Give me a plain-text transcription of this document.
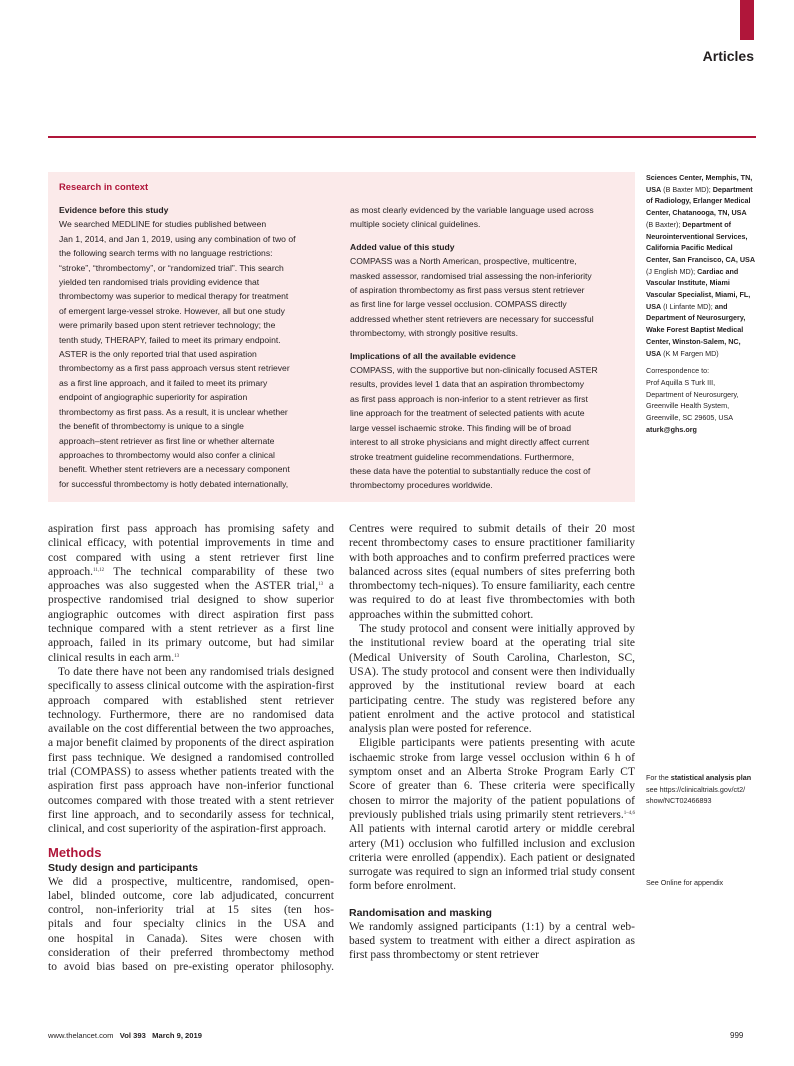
Articles
Research in context

Evidence before this study

We searched MEDLINE for studies published between

Jan 1, 2014, and Jan 1, 2019, using any combination of two of

the following search terms with no language restrictions:

“stroke”, “thrombectomy”, or “randomized trial”. This search

yielded ten randomised trials providing evidence that

thrombectomy was superior to medical therapy for treatment

of emergent large-vessel stroke. However, all but one study

were primarily based upon stent retriever technology; the

tenth study, THERAPY, failed to meet its primary endpoint.

ASTER is the only reported trial that used aspiration

thrombectomy as a first pass approach versus stent retriever

as a first line approach, and it failed to meet its primary

endpoint of angiographic superiority for aspiration

thrombectomy as first pass. As a result, it is unclear whether

the benefit of thrombectomy is unique to a single

approach–stent retriever as first line or whether alternate

approaches to thrombectomy would also confer a clinical

benefit. Whether stent retrievers are a necessary component

for successful thrombectomy is hotly debated internationally,

as most clearly evidenced by the variable language used across

multiple society clinical guidelines.

Added value of this study

COMPASS was a North American, prospective, multicentre,

masked assessor, randomised trial assessing the non-inferiority

of aspiration thrombectomy as first pass versus stent retriever

as first line for large vessel occlusion. COMPASS directly

addressed whether stent retrievers are necessary for successful

thrombectomy, with strongly positive results.

Implications of all the available evidence

COMPASS, with the supportive but non-clinically focused ASTER

results, provides level 1 data that an aspiration thrombectomy

as first pass approach is non-inferior to a stent retriever as first

line approach for the treatment of selected patients with acute

large vessel ischaemic stroke. This finding will be of broad

interest to all stroke physicians and might directly affect current

stroke treatment guideline recommendations. Furthermore,

these data have the potential to substantially reduce the cost of

thrombectomy procedures worldwide.

Sciences Center, Memphis, TN,

USA (B Baxter MD); Department

of Radiology, Erlanger Medical

Center, Chatanooga, TN, USA

(B Baxter); Department of

Neurointerventional Services,

California Pacific Medical

Center, San Francisco, CA, USA

(J English MD); Cardiac and

Vascular Institute, Miami

Vascular Specialist, Miami, FL,

USA (I Linfante MD); and

Department of Neurosurgery,

Wake Forest Baptist Medical

Center, Winston-Salem, NC,

USA (K M Fargen MD)

Correspondence to:

Prof Aquilla S Turk III,

Department of Neurosurgery,

Greenville Health System,

Greenville, SC 29605, USA

aturk@ghs.org

For the statistical analysis plan

see https://clinicaltrials.gov/ct2/

show/NCT02466893

See Online for appendix

aspiration first pass approach has promising safety and clinical efficacy, with potential improvements in time and cost compared with using a stent retriever first line approach.$^{11,12}$ The technical comparability of these two approaches was also suggested when the ASTER trial,$^{13}$ a prospective randomised trial designed to show superior angiographic outcomes with direct aspiration first pass technique compared with a stent retriever as a first line approach, failed in its primary outcome, but had similar clinical results in each arm.$^{13}$

To date there have not been any randomised trials designed specifically to assess clinical outcome with the aspiration-first approach compared with established stent retriever technology. Furthermore, there are no randomised data available on the cost differential between the two approaches, a major benefit claimed by proponents of the direct aspiration first pass technique. We designed a randomised controlled trial (COMPASS) to assess whether patients treated with the aspiration first pass approach have non-inferior functional outcomes compared with those treated with a stent retriever first line approach, and to secondarily assess for technical, clinical, and cost superiority of the aspiration-first approach.

Methods
Study design and participants
We did a prospective, multicentre, randomised, open-
label, blinded outcome, core lab adjudicated, concurrent
control, non-inferiority trial at 15 sites (ten hos-
pitals and four specialty clinics in the USA and
one hospital in Canada). Sites were chosen with
consideration of their preferred thrombectomy method
to avoid bias based on pre-existing operator philosophy.

Centres were required to submit details of their 20 most recent thrombectomy cases to ensure practitioner familiarity with both approaches and to confirm preferred practices were balanced across sites (equal numbers of sites preferring both thrombectomy tech-niques). To ensure familiarity, each centre was required to do at least five thrombectomies with both approaches within the submitted cohort.

The study protocol and consent were initially approved by the institutional review board at the operating trial site (Medical University of South Carolina, Charleston, SC, USA). The study protocol and consent were then individually approved by the institutional review board at each participating centre. The study was registered before any patient enrolment and the active protocol and statistical analysis plan were posted for reference.

Eligible participants were patients presenting with acute ischaemic stroke from large vessel occlusion within 6 h of symptom onset and an Alberta Stroke Program Early CT Score of greater than 6. These criteria were specifically chosen to mirror the majority of the patient populations of previously published trials using primarily stent retrievers.$^{1-4,6}$ All patients with internal carotid artery or middle cerebral artery (M1) occlusion who fulfilled inclusion and exclusion criteria were enrolled (appendix). Each patient or designated surrogate was required to sign an informed trial study consent form before enrolment.

Randomisation and masking

We randomly assigned participants (1:1) by a central web-based system to treatment with either a direct aspiration as first pass thrombectomy or stent retriever

www.thelancet.com Vol 393 March 9, 2019	999
